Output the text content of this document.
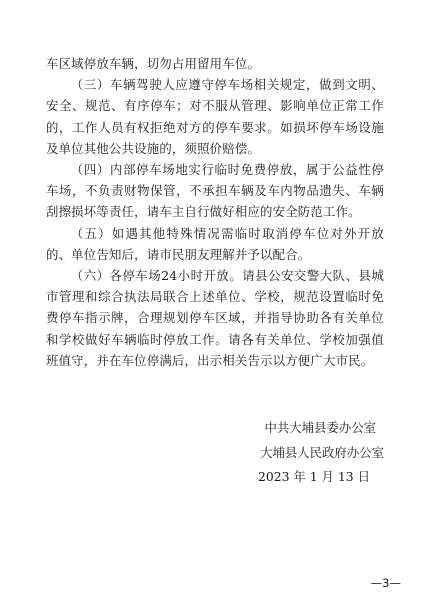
车区域停放车辆，切勿占用留用车位。

（三）车辆驾驶人应遵守停车场相关规定，做到文明、安全、规范、有序停车；对不服从管理、影响单位正常工作的，工作人员有权拒绝对方的停车要求。如损坏停车场设施及单位其他公共设施的，须照价赔偿。

（四）内部停车场地实行临时免费停放，属于公益性停车场，不负责财物保管，不承担车辆及车内物品遗失、车辆刮擦损坏等责任，请车主自行做好相应的安全防范工作。

（五）如遇其他特殊情况需临时取消停车位对外开放的、单位告知后，请市民朋友理解并予以配合。

（六）各停车场24小时开放。请县公安交警大队、县城市管理和综合执法局联合上述单位、学校，规范设置临时免费停车指示牌，合理规划停车区域，并指导协助各有关单位和学校做好车辆临时停放工作。请各有关单位、学校加强值班值守，并在车位停满后，出示相关告示以方便广大市民。

中共大埔县委办公室
大埔县人民政府办公室
2023 年 1 月 13 日
—3—
